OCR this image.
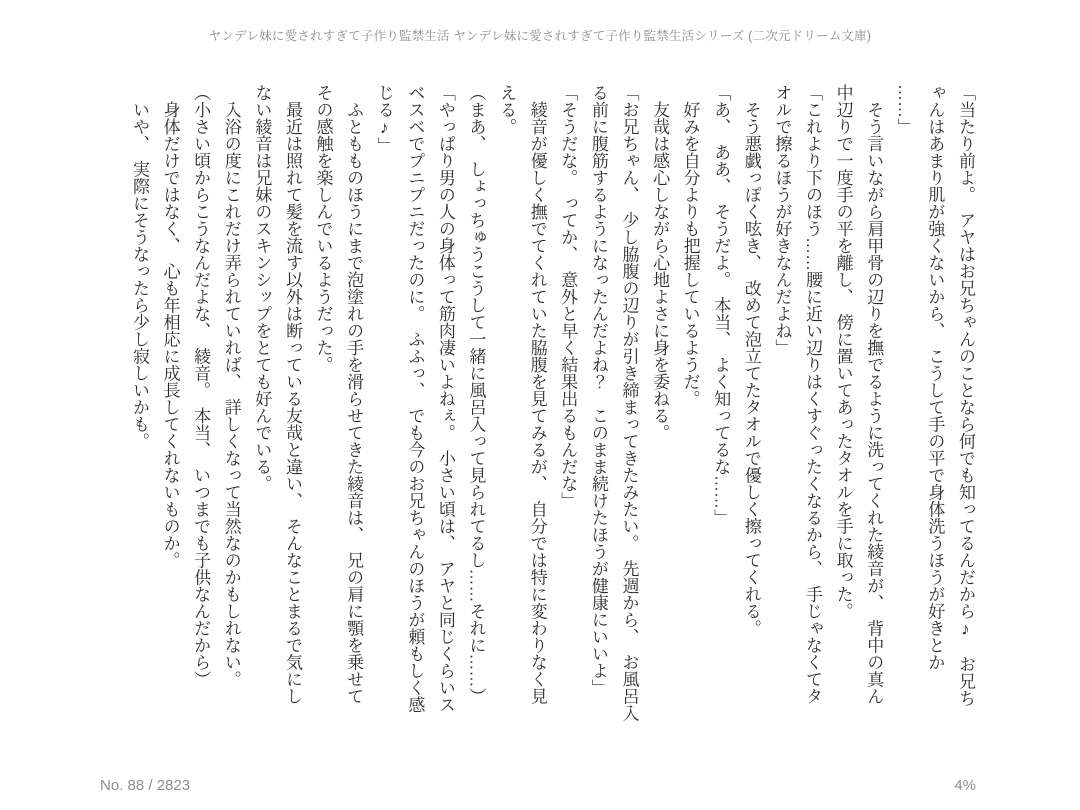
ヤンデレ妹に愛されすぎて子作り監禁生活 ヤンデレ妹に愛されすぎて子作り監禁生活シリーズ (二次元ドリーム文庫)
「当たり前よ。　アヤはお兄ちゃんのことなら何でも知ってるんだから♪　お兄ち
ゃんはあまり肌が強くないから、　こうして手の平で身体洗うほうが好きとか
……」
　そう言いながら肩甲骨の辺りを撫でるように洗ってくれた綾音が、　背中の真ん
中辺りで一度手の平を離し、　傍に置いてあったタオルを手に取った。
「これより下のほう……腰に近い辺りはくすぐったくなるから、　手じゃなくてタ
オルで擦るほうが好きなんだよね」
　そう悪戯っぽく呟き、　改めて泡立てたタオルで優しく擦ってくれる。
「あ、　ああ、　そうだよ。　本当、　よく知ってるな……」
　好みを自分よりも把握しているようだ。
　友哉は感心しながら心地よさに身を委ねる。
「お兄ちゃん、　少し脇腹の辺りが引き締まってきたみたい。　先週から、　お風呂入
る前に腹筋するようになったんだよね？　このまま続けたほうが健康にいいよ」
「そうだな。　ってか、　意外と早く結果出るもんだな」
　綾音が優しく撫でてくれていた脇腹を見てみるが、　自分では特に変わりなく見
える。
（まあ、　しょっちゅうこうして一緒に風呂入って見られてるし……それに……）
「やっぱり男の人の身体って筋肉凄いよねぇ。　小さい頃は、　アヤと同じくらいス
ベスベでプニプニだったのに。　ふふっ、　でも今のお兄ちゃんのほうが頼もしく感
じる♪」
　ふともものほうにまで泡塗れの手を滑らせてきた綾音は、　兄の肩に顎を乗せて
その感触を楽しんでいるようだった。
　最近は照れて髪を流す以外は断っている友哉と違い、　そんなことまるで気にし
ない綾音は兄妹のスキンシップをとても好んでいる。
　入浴の度にこれだけ弄られていれば、　詳しくなって当然なのかもしれない。
（小さい頃からこうなんだよな、　綾音。　本当、　いつまでも子供なんだから）
　身体だけではなく、　心も年相応に成長してくれないものか。
　いや、　実際にそうなったら少し寂しいかも。
No. 88 / 2823	4%
